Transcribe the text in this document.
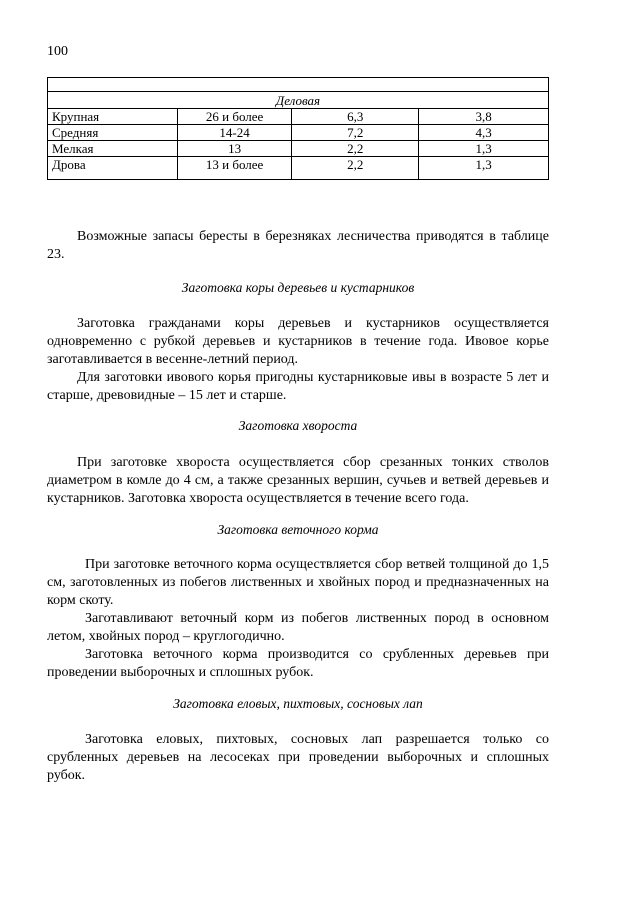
100

Деловая			
Крупная	26 и более	6,3	3,8
Средняя	14-24	7,2	4,3
Мелкая	13	2,2	1,3
Дрова	13 и более	2,2	1,3

Возможные запасы бересты в березняках лесничества приводятся в таблице 23.

Заготовка коры деревьев и кустарников

Заготовка гражданами коры деревьев и кустарников осуществляется одновременно с рубкой деревьев и кустарников в течение года. Ивовое корье заготавливается в весенне-летний период.

Для заготовки ивового корья пригодны кустарниковые ивы в возрасте 5 лет и старше, древовидные – 15 лет и старше.

Заготовка хвороста

При заготовке хвороста осуществляется сбор срезанных тонких стволов диаметром в комле до 4 см, а также срезанных вершин, сучьев и ветвей деревьев и кустарников. Заготовка хвороста осуществляется в течение всего года.

Заготовка веточного корма

При заготовке веточного корма осуществляется сбор ветвей толщиной до 1,5 см, заготовленных из побегов лиственных и хвойных пород и предназначенных на корм скоту.

Заготавливают веточный корм из побегов лиственных пород в основном летом, хвойных пород – круглогодично.

Заготовка веточного корма производится со срубленных деревьев при проведении выборочных и сплошных рубок.

Заготовка еловых, пихтовых, сосновых лап

Заготовка еловых, пихтовых, сосновых лап разрешается только со срубленных деревьев на лесосеках при проведении выборочных и сплошных рубок.
